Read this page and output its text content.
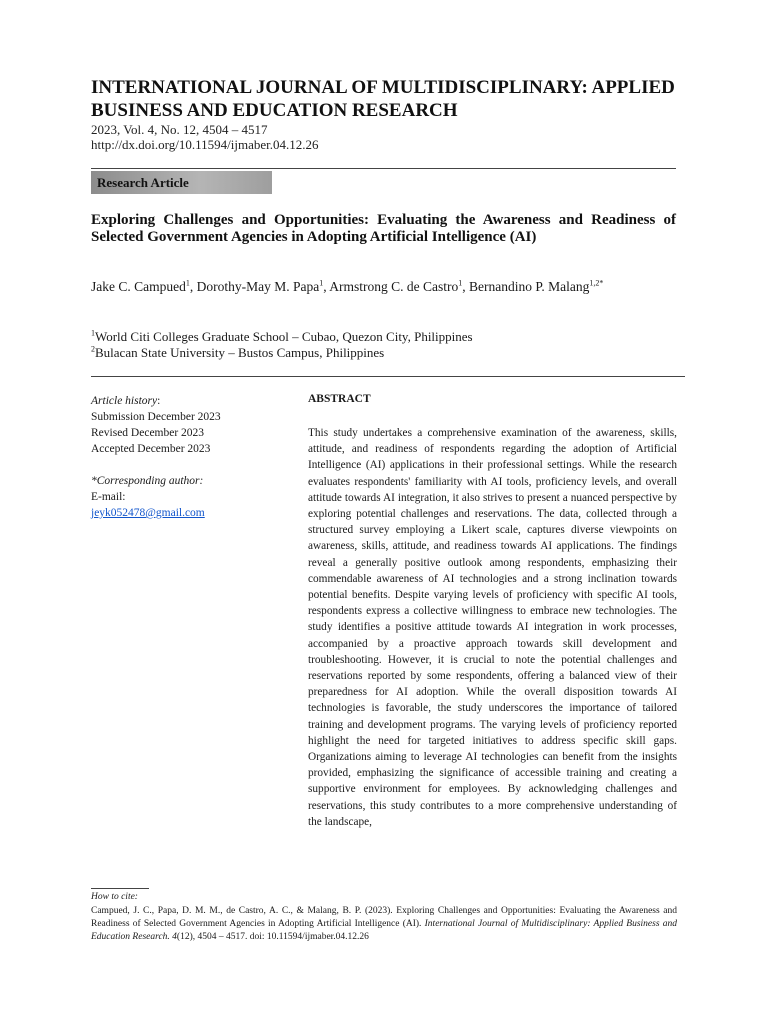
INTERNATIONAL JOURNAL OF MULTIDISCIPLINARY: APPLIED BUSINESS AND EDUCATION RESEARCH
2023, Vol. 4, No. 12, 4504 – 4517
http://dx.doi.org/10.11594/ijmaber.04.12.26
Research Article
Exploring Challenges and Opportunities: Evaluating the Awareness and Readiness of Selected Government Agencies in Adopting Artificial Intelligence (AI)
Jake C. Campued$^1$, Dorothy-May M. Papa$^1$, Armstrong C. de Castro$^1$, Bernandino P. Malang$^{1,2*}$
$^1$World Citi Colleges Graduate School – Cubao, Quezon City, Philippines
$^2$Bulacan State University – Bustos Campus, Philippines
Article history:
Submission December 2023
Revised December 2023
Accepted December 2023
*Corresponding author:
E-mail:
jeyk052478@gmail.com
ABSTRACT
This study undertakes a comprehensive examination of the awareness, skills, attitude, and readiness of respondents regarding the adoption of Artificial Intelligence (AI) applications in their professional settings. While the research evaluates respondents' familiarity with AI tools, proficiency levels, and overall attitude towards AI integration, it also strives to present a nuanced perspective by exploring potential challenges and reservations. The data, collected through a structured survey employing a Likert scale, captures diverse viewpoints on awareness, skills, attitude, and readiness towards AI applications. The findings reveal a generally positive outlook among respondents, emphasizing their commendable awareness of AI technologies and a strong inclination towards potential benefits. Despite varying levels of proficiency with specific AI tools, respondents express a collective willingness to embrace new technologies. The study identifies a positive attitude towards AI integration in work processes, accompanied by a proactive approach towards skill development and troubleshooting. However, it is crucial to note the potential challenges and reservations reported by some respondents, offering a balanced view of their preparedness for AI adoption. While the overall disposition towards AI technologies is favorable, the study underscores the importance of tailored training and development programs. The varying levels of proficiency reported highlight the need for targeted initiatives to address specific skill gaps. Organizations aiming to leverage AI technologies can benefit from the insights provided, emphasizing the significance of accessible training and creating a supportive environment for employees. By acknowledging challenges and reservations, this study contributes to a more comprehensive understanding of the landscape,
How to cite:
Campued, J. C., Papa, D. M. M., de Castro, A. C., & Malang, B. P. (2023). Exploring Challenges and Opportunities: Evaluating the Awareness and Readiness of Selected Government Agencies in Adopting Artificial Intelligence (AI). International Journal of Multidisciplinary: Applied Business and Education Research. 4(12), 4504 – 4517. doi: 10.11594/ijmaber.04.12.26
